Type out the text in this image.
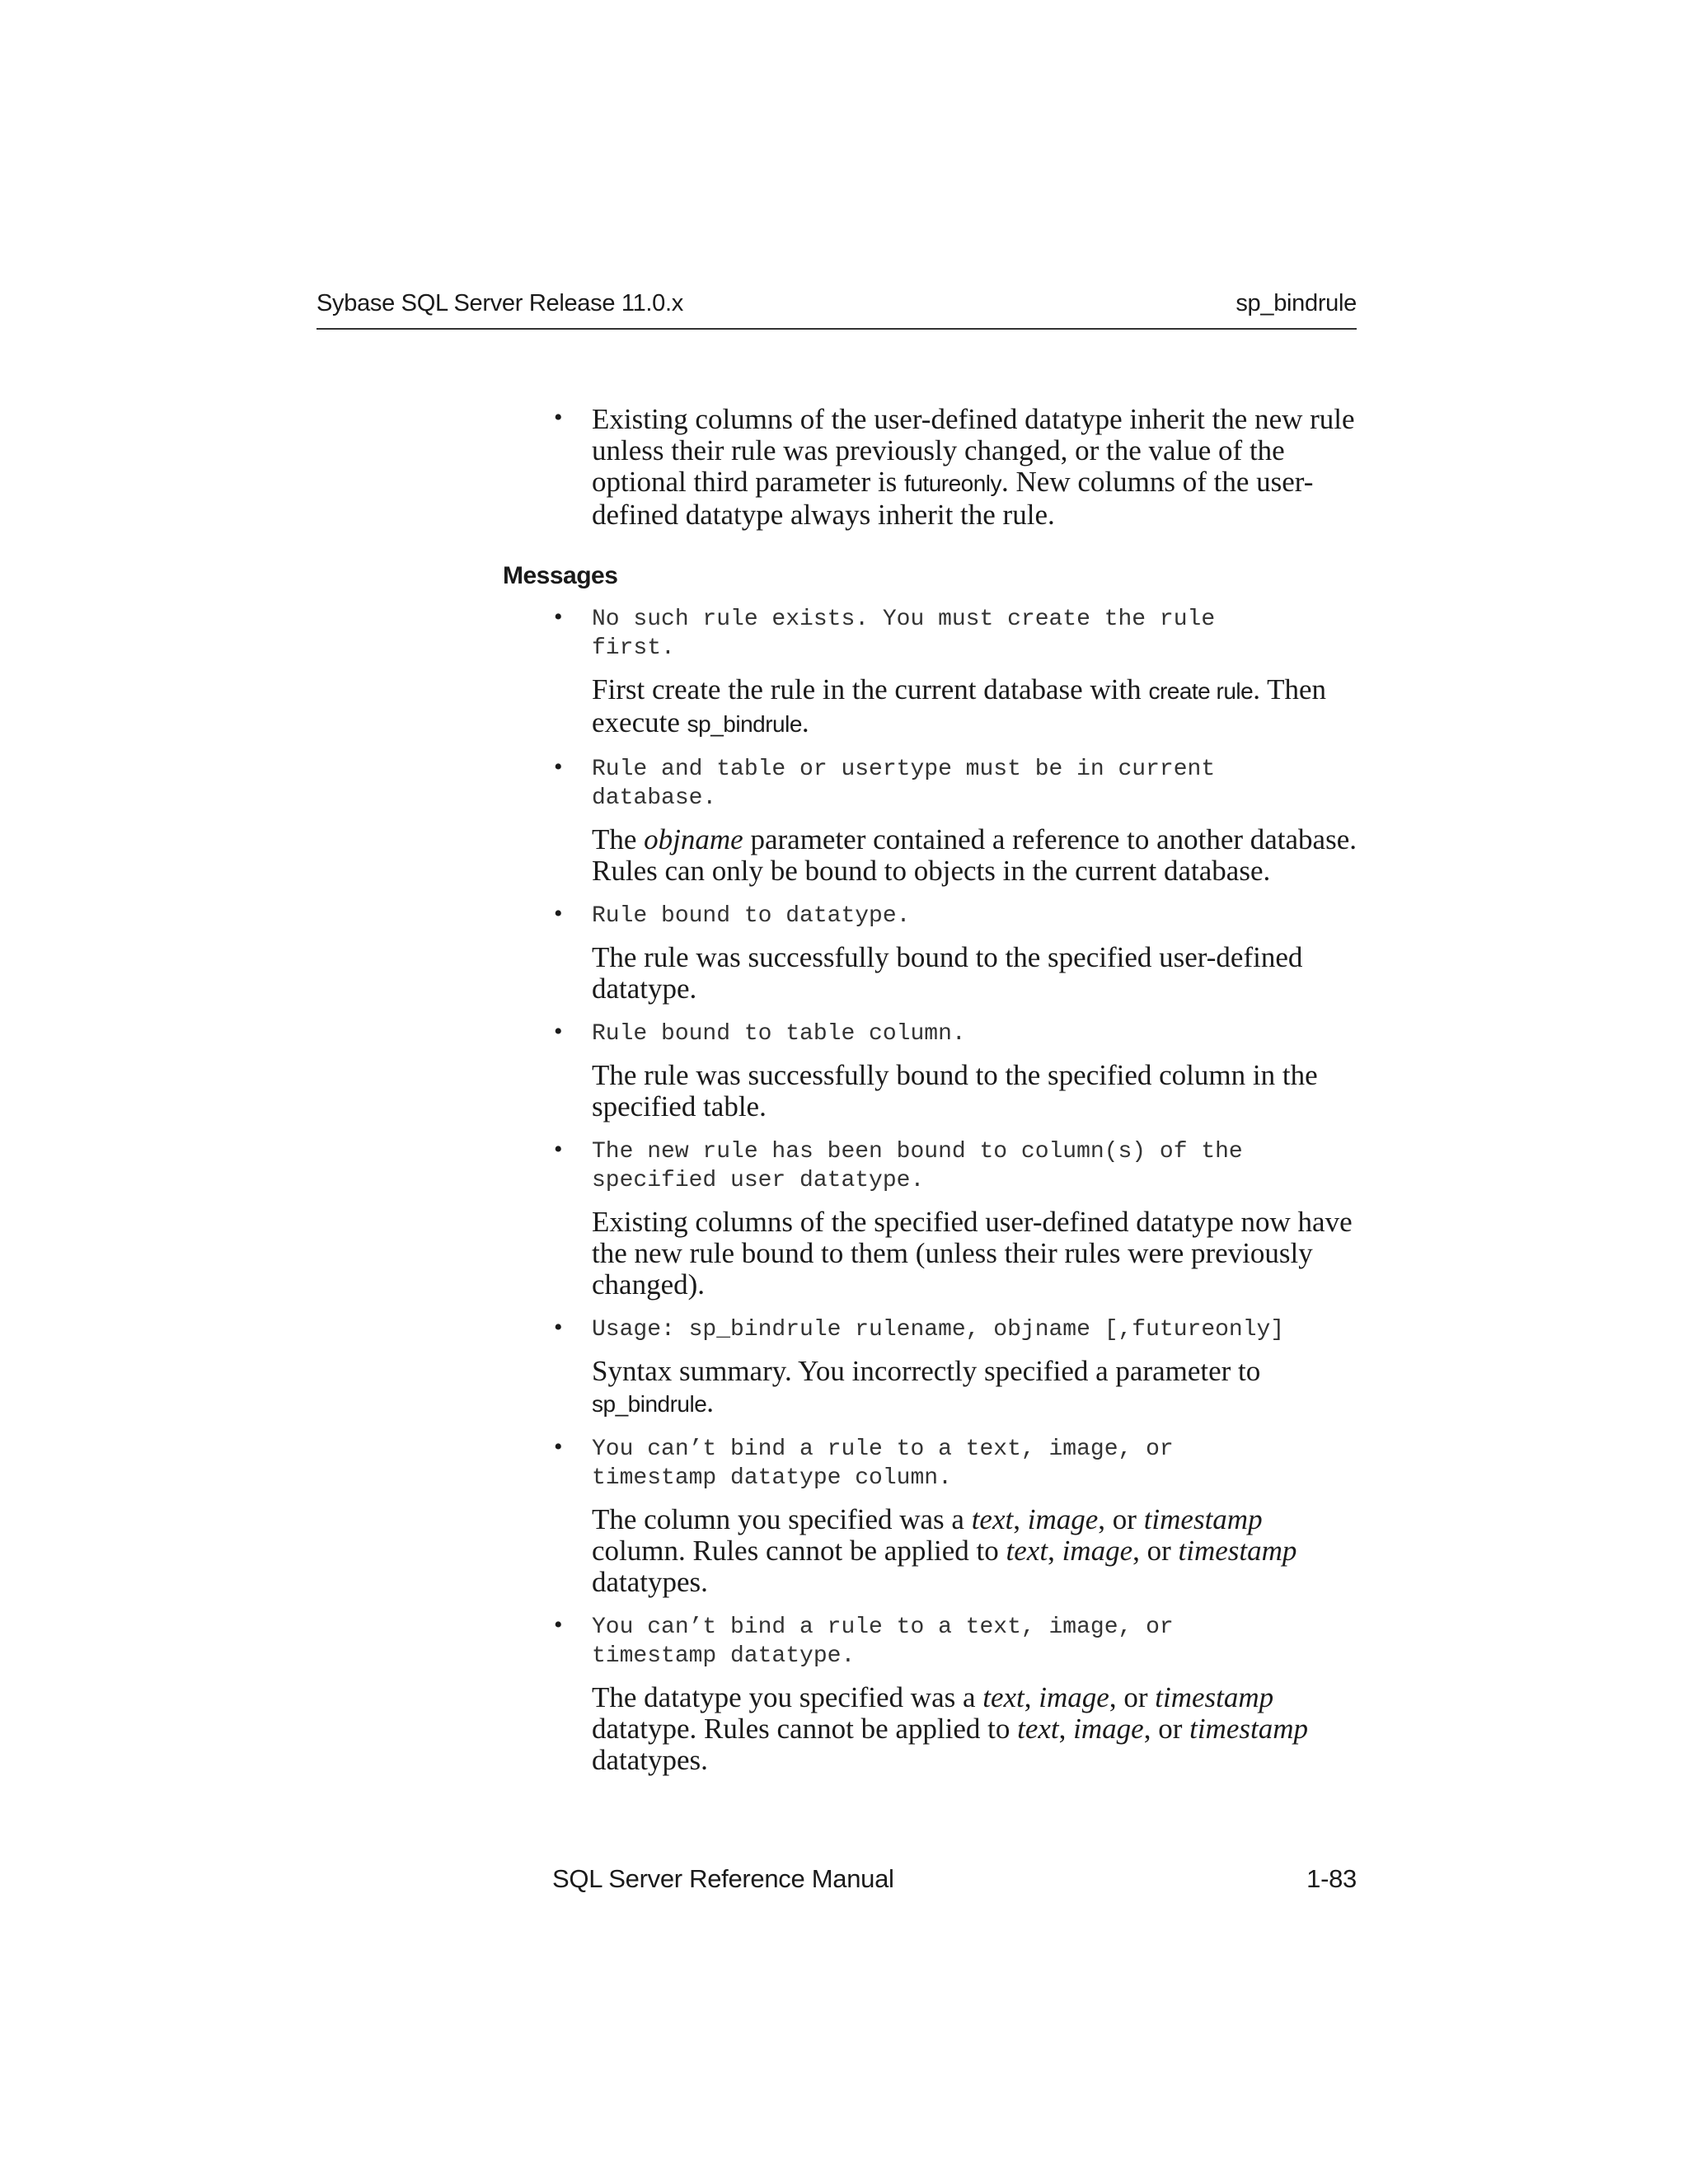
Sybase SQL Server Release 11.0.x	sp_bindrule
• Existing columns of the user-defined datatype inherit the new rule unless their rule was previously changed, or the value of the optional third parameter is futureonly. New columns of the user-defined datatype always inherit the rule.

Messages
• No such rule exists. You must create the rule
first.

First create the rule in the current database with create rule. Then execute sp_bindrule.

• Rule and table or usertype must be in current
database.

The objname parameter contained a reference to another database. Rules can only be bound to objects in the current database.

• Rule bound to datatype.

The rule was successfully bound to the specified user-defined datatype.

• Rule bound to table column.

The rule was successfully bound to the specified column in the specified table.

• The new rule has been bound to column(s) of the
specified user datatype.

Existing columns of the specified user-defined datatype now have the new rule bound to them (unless their rules were previously changed).

• Usage: sp_bindrule rulename, objname [,futureonly]

Syntax summary. You incorrectly specified a parameter to sp_bindrule.

• You can’t bind a rule to a text, image, or
timestamp datatype column.

The column you specified was a text, image, or timestamp column. Rules cannot be applied to text, image, or timestamp datatypes.

• You can’t bind a rule to a text, image, or
timestamp datatype.

The datatype you specified was a text, image, or timestamp datatype. Rules cannot be applied to text, image, or timestamp datatypes.

SQL Server Reference Manual	1-83
